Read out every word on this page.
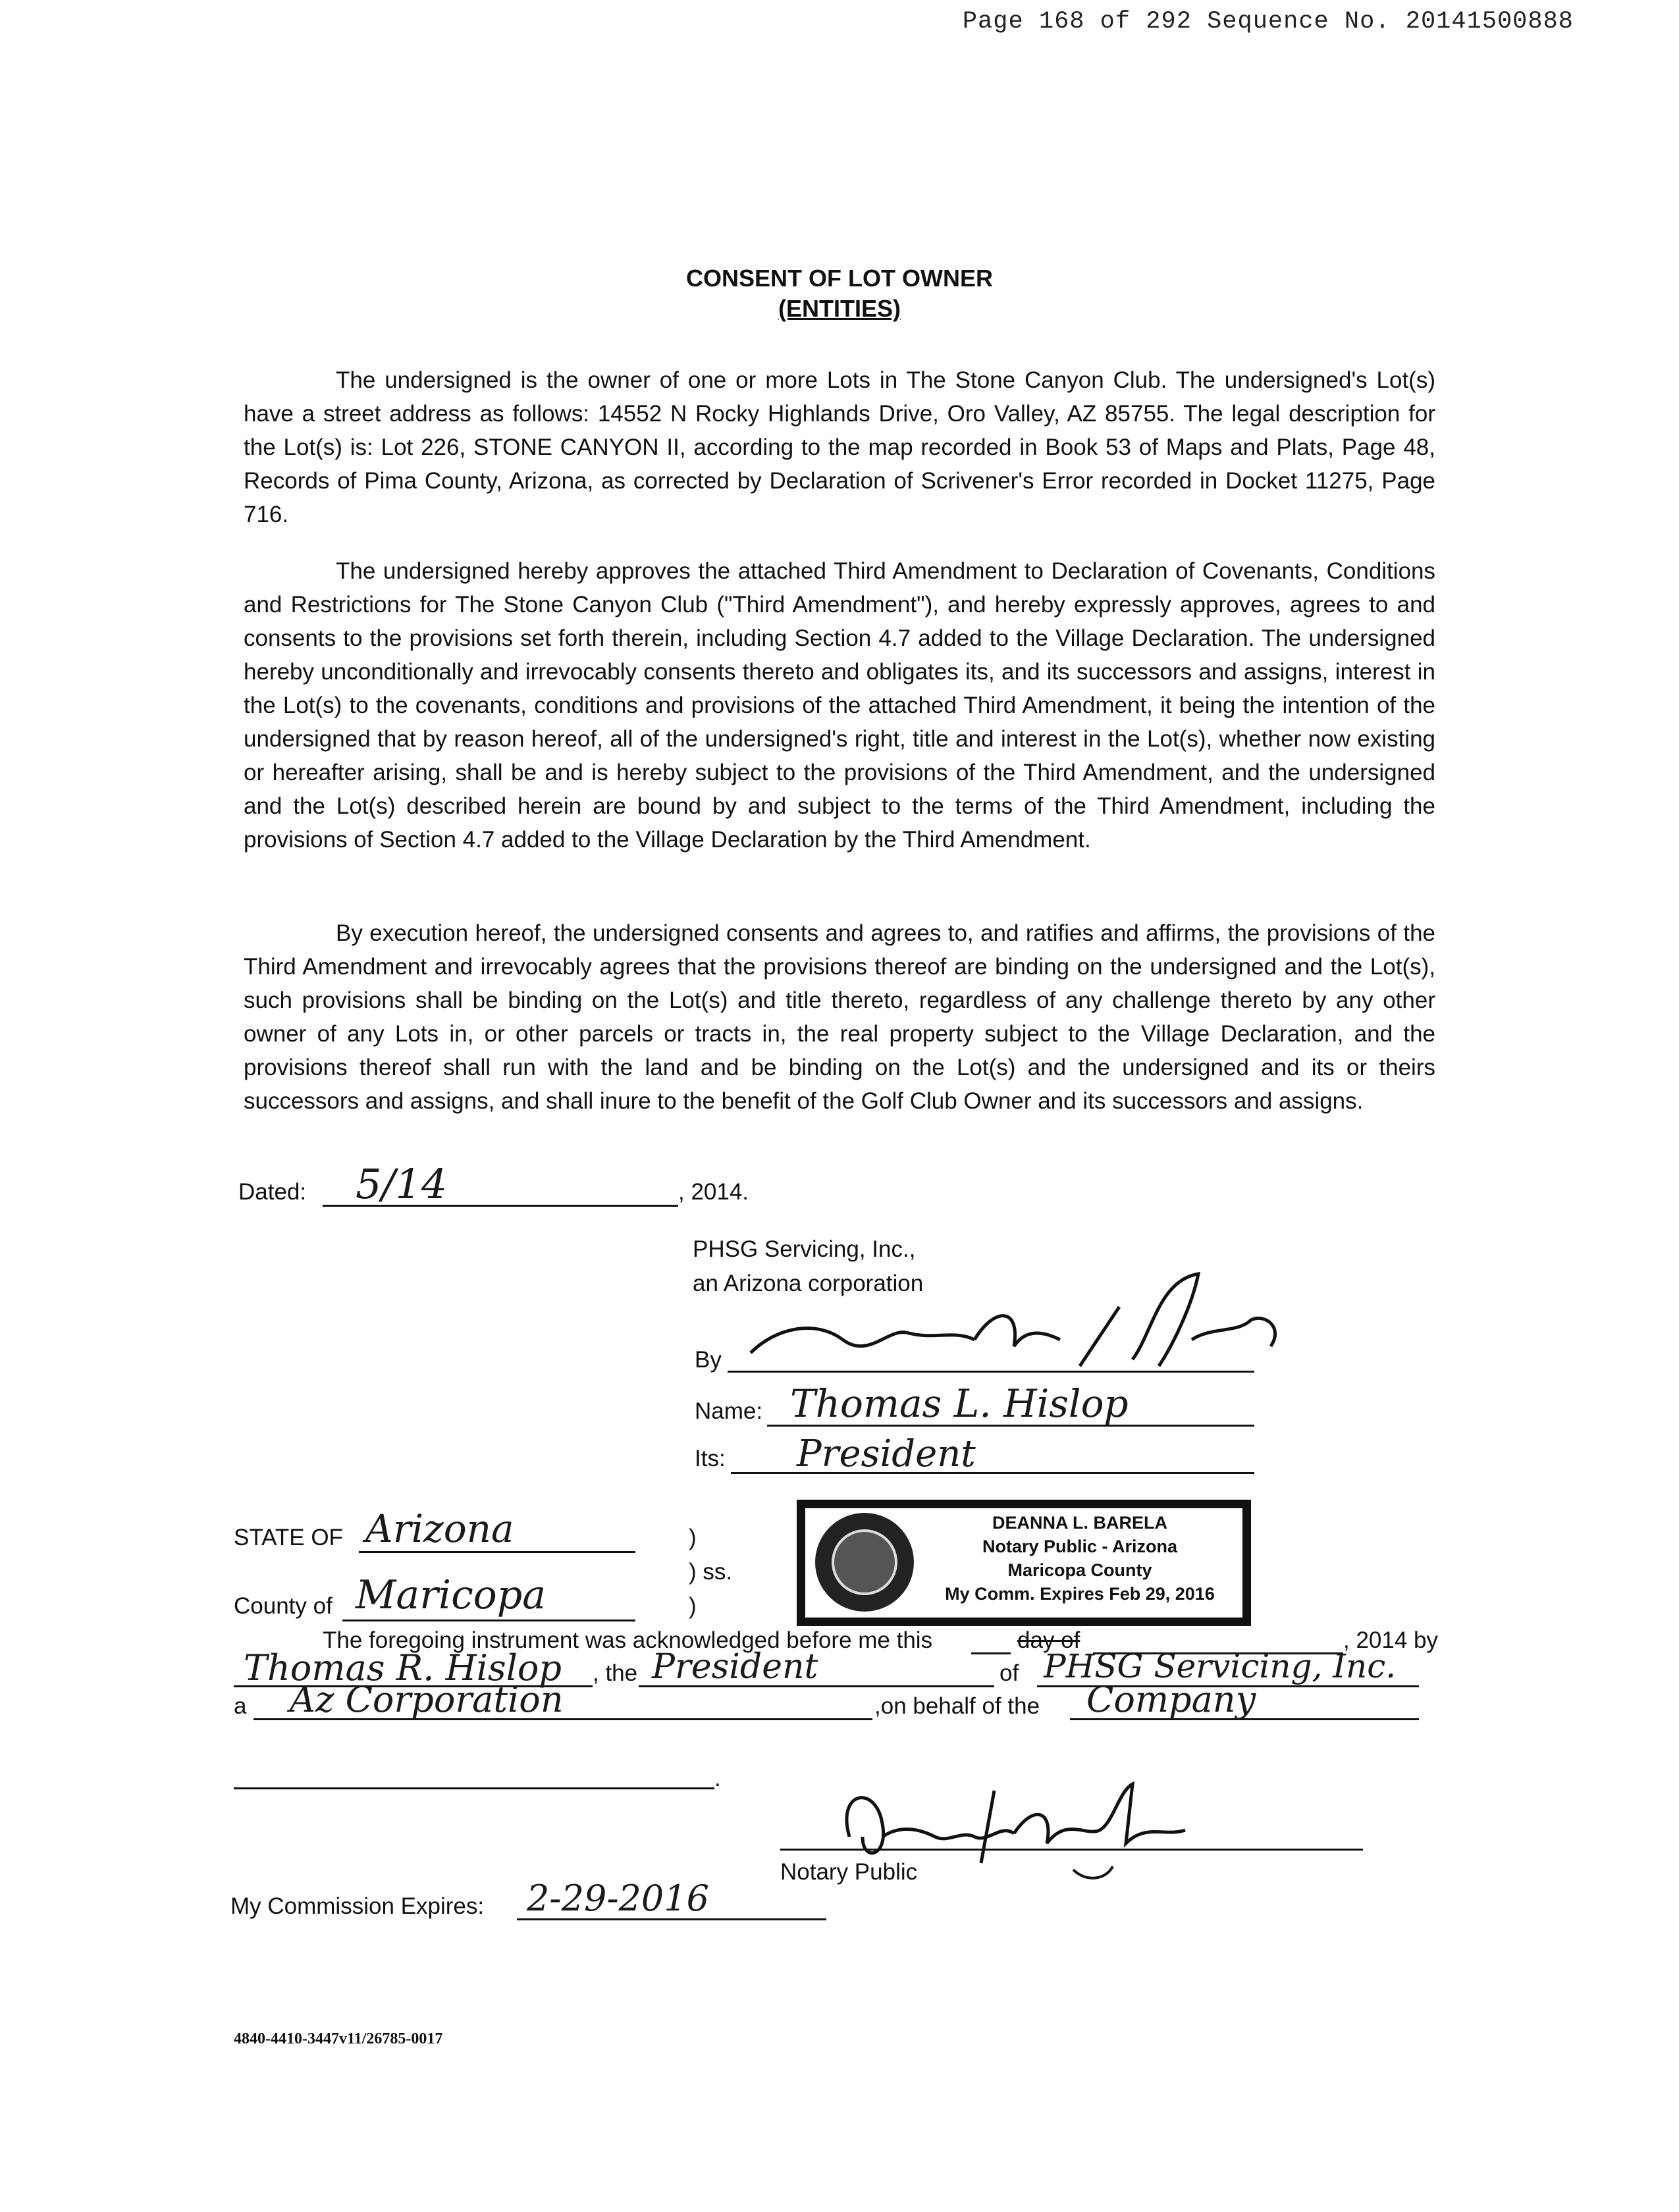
Page 168 of 292 Sequence No. 20141500888
CONSENT OF LOT OWNER
(ENTITIES)
The undersigned is the owner of one or more Lots in The Stone Canyon Club. The undersigned's Lot(s) have a street address as follows: 14552 N Rocky Highlands Drive, Oro Valley, AZ 85755. The legal description for the Lot(s) is: Lot 226, STONE CANYON II, according to the map recorded in Book 53 of Maps and Plats, Page 48, Records of Pima County, Arizona, as corrected by Declaration of Scrivener's Error recorded in Docket 11275, Page 716.
The undersigned hereby approves the attached Third Amendment to Declaration of Covenants, Conditions and Restrictions for The Stone Canyon Club ("Third Amendment"), and hereby expressly approves, agrees to and consents to the provisions set forth therein, including Section 4.7 added to the Village Declaration. The undersigned hereby unconditionally and irrevocably consents thereto and obligates its, and its successors and assigns, interest in the Lot(s) to the covenants, conditions and provisions of the attached Third Amendment, it being the intention of the undersigned that by reason hereof, all of the undersigned's right, title and interest in the Lot(s), whether now existing or hereafter arising, shall be and is hereby subject to the provisions of the Third Amendment, and the undersigned and the Lot(s) described herein are bound by and subject to the terms of the Third Amendment, including the provisions of Section 4.7 added to the Village Declaration by the Third Amendment.
By execution hereof, the undersigned consents and agrees to, and ratifies and affirms, the provisions of the Third Amendment and irrevocably agrees that the provisions thereof are binding on the undersigned and the Lot(s), such provisions shall be binding on the Lot(s) and title thereto, regardless of any challenge thereto by any other owner of any Lots in, or other parcels or tracts in, the real property subject to the Village Declaration, and the provisions thereof shall run with the land and be binding on the Lot(s) and the undersigned and its or theirs successors and assigns, and shall inure to the benefit of the Golf Club Owner and its successors and assigns.
Dated: 5/14	, 2014.
PHSG Servicing, Inc.,
an Arizona corporation
By
Name: Thomas L. Hislop
Its: President
STATE OF Arizona	)
) ss.
County of Maricopa	)
DEANNA L. BARELA
Notary Public - Arizona
Maricopa County
My Comm. Expires Feb 29, 2016
The foregoing instrument was acknowledged before me this	day of	, 2014 by
Thomas R. Hislop , the President	of PHSG Servicing, Inc.
a Az Corporation	,on behalf of the Company
.
Notary Public
My Commission Expires: 2-29-2016
4840-4410-3447v11/26785-0017
